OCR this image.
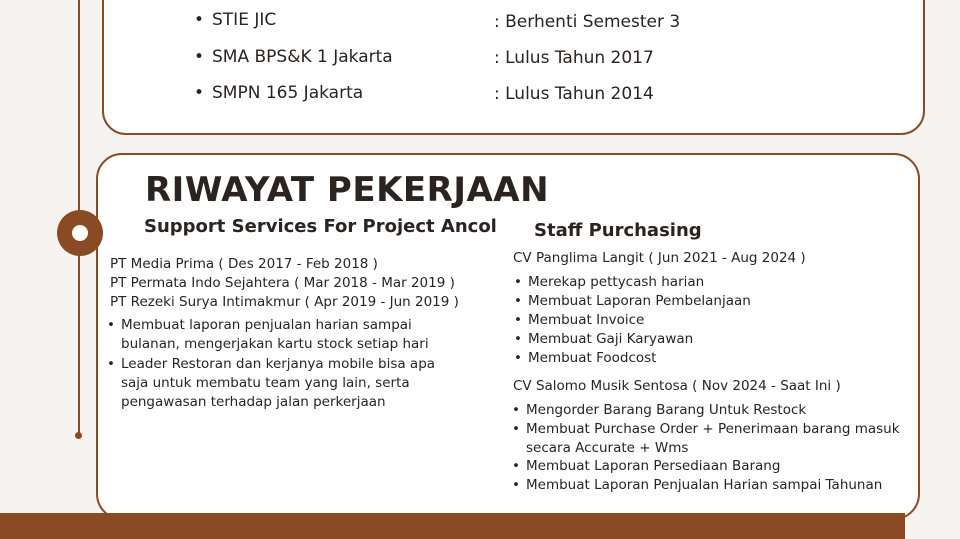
• STIE JIC	: Berhenti Semester 3
• SMA BPS&K 1 Jakarta	: Lulus Tahun 2017
• SMPN 165 Jakarta	: Lulus Tahun 2014
RIWAYAT PEKERJAAN
Support Services For Project Ancol
PT Media Prima ( Des 2017 - Feb 2018 )
PT Permata Indo Sejahtera ( Mar 2018 - Mar 2019 )
PT Rezeki Surya Intimakmur ( Apr 2019 - Jun 2019 )
• Membuat laporan penjualan harian sampai
bulanan, mengerjakan kartu stock setiap hari
• Leader Restoran dan kerjanya mobile bisa apa
saja untuk membatu team yang lain, serta
pengawasan terhadap jalan perkerjaan
Staff Purchasing
CV Panglima Langit ( Jun 2021 - Aug 2024 )
• Merekap pettycash harian
• Membuat Laporan Pembelanjaan
• Membuat Invoice
• Membuat Gaji Karyawan
• Membuat Foodcost
CV Salomo Musik Sentosa ( Nov 2024 - Saat Ini )
• Mengorder Barang Barang Untuk Restock
• Membuat Purchase Order + Penerimaan barang masuk
secara Accurate + Wms
• Membuat Laporan Persediaan Barang
• Membuat Laporan Penjualan Harian sampai Tahunan
